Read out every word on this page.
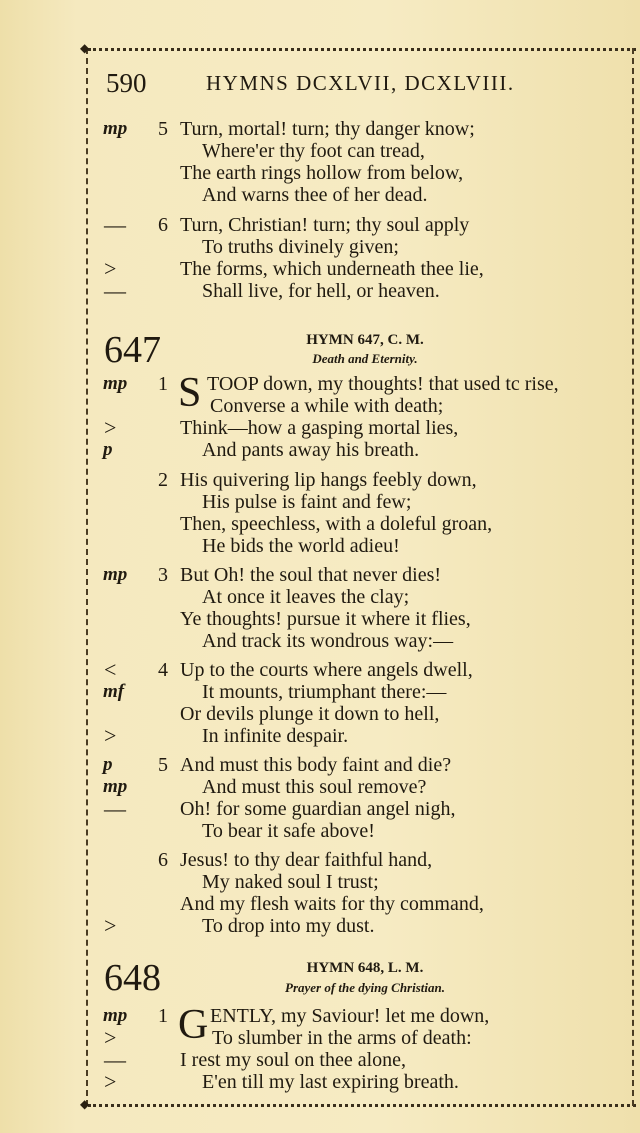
◆
◆
590	HYMNS DCXLVII, DCXLVIII.
mp 5 Turn, mortal! turn; thy danger know;
Where'er thy foot can tread,
The earth rings hollow from below,
And warns thee of her dead.
— 6 Turn, Christian! turn; thy soul apply
To truths divinely given;
>	The forms, which underneath thee lie,
—	Shall live, for hell, or heaven.
647	HYMN 647, C. M.
Death and Eternity.
mp 1 S TOOP down, my thoughts! that used tc rise,
Converse a while with death;
>	Think—how a gasping mortal lies,
p	And pants away his breath.
2 His quivering lip hangs feebly down,
His pulse is faint and few;
Then, speechless, with a doleful groan,
He bids the world adieu!
mp 3 But Oh! the soul that never dies!
At once it leaves the clay;
Ye thoughts! pursue it where it flies,
And track its wondrous way:—
< 4 Up to the courts where angels dwell,
mf	It mounts, triumphant there:—
Or devils plunge it down to hell,
>	In infinite despair.
p 5 And must this body faint and die?
mp	And must this soul remove?
—	Oh! for some guardian angel nigh,
To bear it safe above!
6 Jesus! to thy dear faithful hand,
My naked soul I trust;
And my flesh waits for thy command,
>	To drop into my dust.
648	HYMN 648, L. M.
Prayer of the dying Christian.
mp 1 G ENTLY, my Saviour! let me down,
>	To slumber in the arms of death:
—	I rest my soul on thee alone,
>	E'en till my last expiring breath.
